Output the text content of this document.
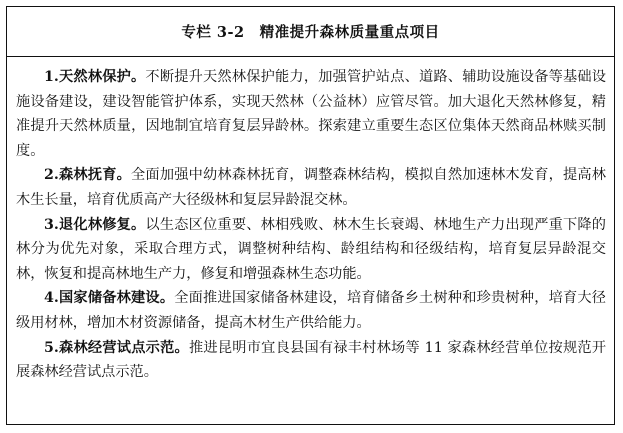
专栏 3-2　精准提升森林质量重点项目

1.天然林保护。不断提升天然林保护能力，加强管护站点、道路、辅助设施设备等基础设施设备建设，建设智能管护体系，实现天然林（公益林）应管尽管。加大退化天然林修复，精准提升天然林质量，因地制宜培育复层异龄林。探索建立重要生态区位集体天然商品林赎买制度。

2.森林抚育。全面加强中幼林森林抚育，调整森林结构，模拟自然加速林木发育，提高林木生长量，培育优质高产大径级林和复层异龄混交林。

3.退化林修复。以生态区位重要、林相残败、林木生长衰竭、林地生产力出现严重下降的林分为优先对象，采取合理方式，调整树种结构、龄组结构和径级结构，培育复层异龄混交林，恢复和提高林地生产力，修复和增强森林生态功能。

4.国家储备林建设。全面推进国家储备林建设，培育储备乡土树种和珍贵树种，培育大径级用材林，增加木材资源储备，提高木材生产供给能力。

5.森林经营试点示范。推进昆明市宜良县国有禄丰村林场等 11 家森林经营单位按规范开展森林经营试点示范。
